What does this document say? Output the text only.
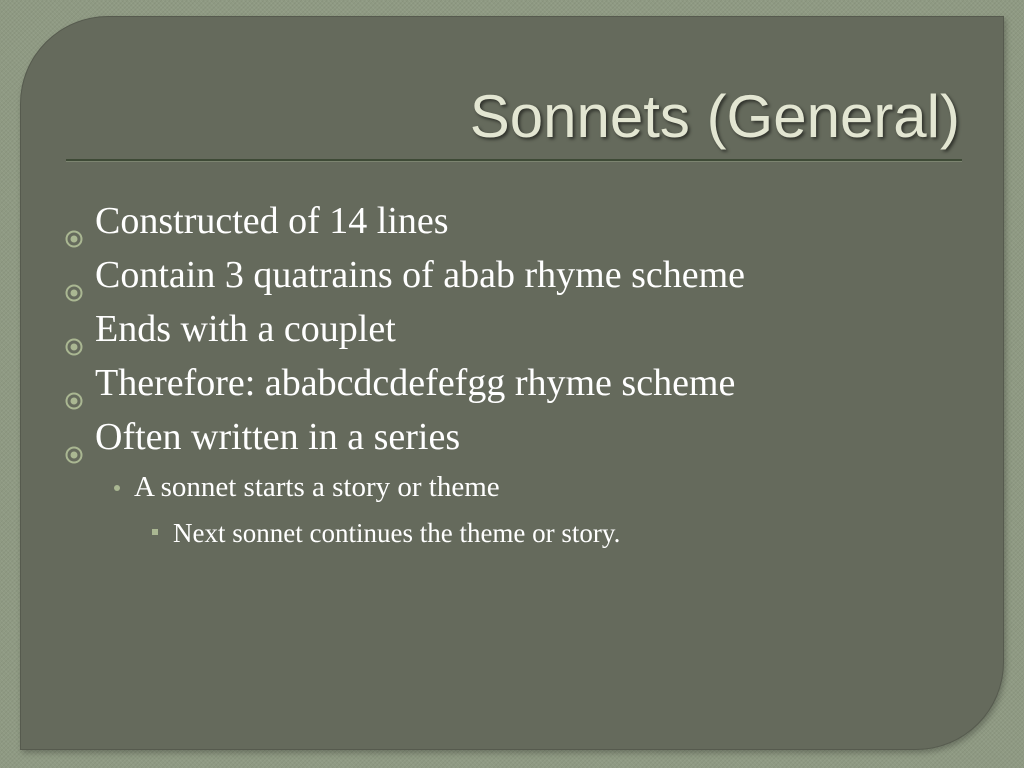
Sonnets (General)
Constructed of 14 lines
Contain 3 quatrains of abab rhyme scheme
Ends with a couplet
Therefore: ababcdcdefefgg rhyme scheme
Often written in a series
A sonnet starts a story or theme
Next sonnet continues the theme or story.
